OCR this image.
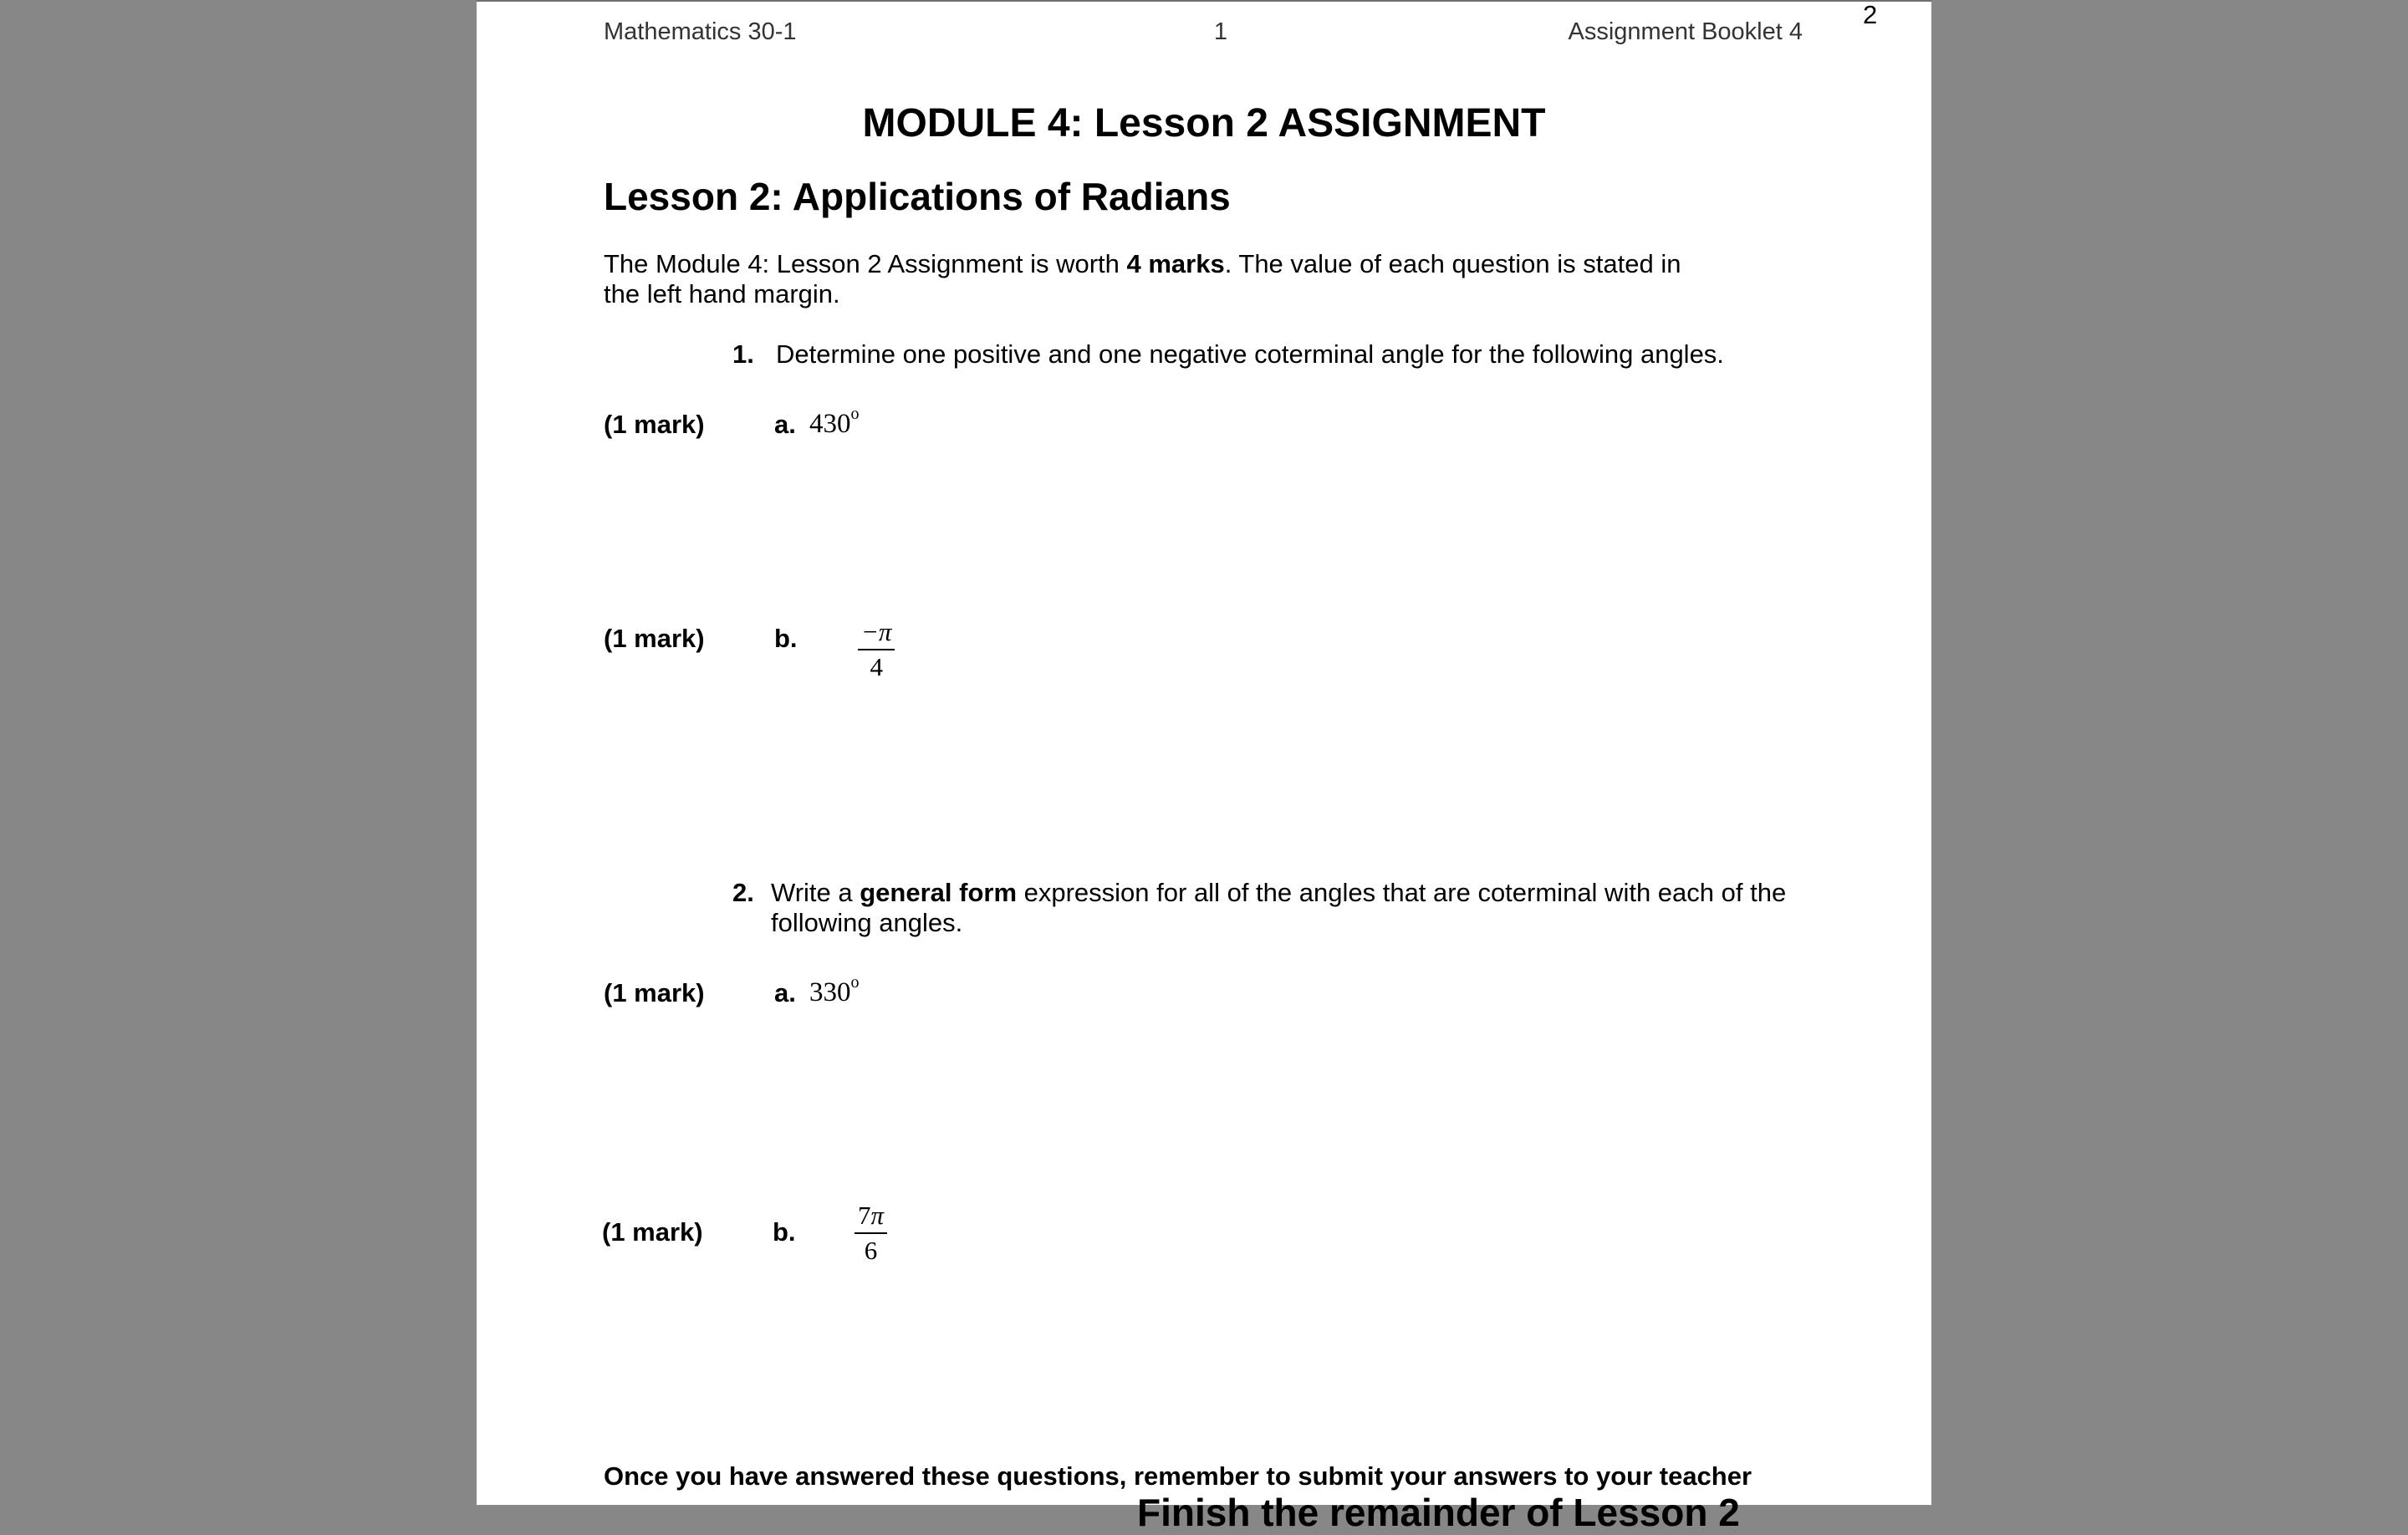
Mathematics 30-1	1	Assignment Booklet 4
MODULE 4: Lesson 2 ASSIGNMENT
Lesson 2: Applications of Radians
The Module 4: Lesson 2 Assignment is worth 4 marks. The value of each question is stated in the left hand margin.
1. Determine one positive and one negative coterminal angle for the following angles.
(1 mark)	a. 430$^o$
(1 mark)	b. −π
4
2. Write a general form expression for all of the angles that are coterminal with each of the following angles.
(1 mark)	a. 330$^o$
(1 mark)	b.
7π
6
Once you have answered these questions, remember to submit your answers to your teacher
Finish the remainder of Lesson 2
2
